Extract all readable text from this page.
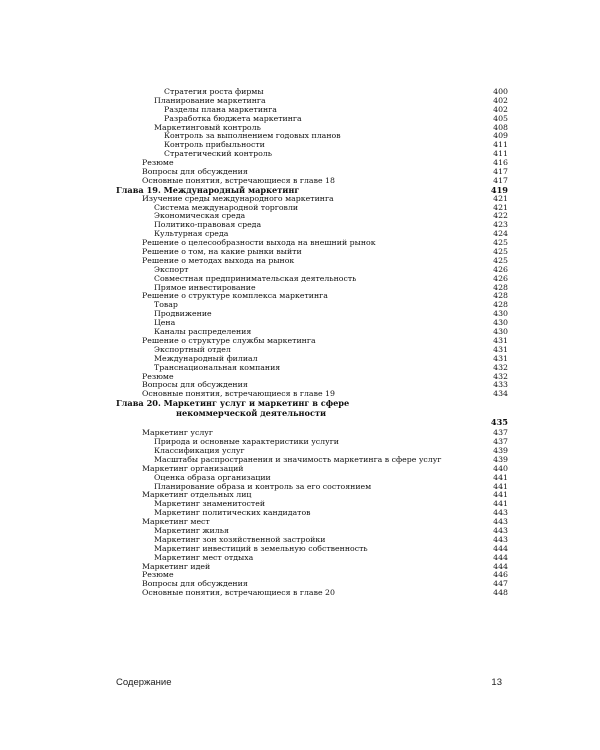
Стратегия роста фирмы	400
Планирование маркетинга	402
Разделы плана маркетинга	402
Разработка бюджета маркетинга	405
Маркетинговый контроль	408
Контроль за выполнением годовых планов	409
Контроль прибыльности	411
Стратегический контроль	411
Резюме	416
Вопросы для обсуждения	417
Основные понятия, встречающиеся в главе 18	417
Глава 19. Международный маркетинг	419
Изучение среды международного маркетинга	421
Система международной торговли	421
Экономическая среда	422
Политико-правовая среда	423
Культурная среда	424
Решение о целесообразности выхода на внешний рынок	425
Решение о том, на какие рынки выйти	425
Решение о методах выхода на рынок	425
Экспорт	426
Совместная предпринимательская деятельность	426
Прямое инвестирование	428
Решение о структуре комплекса маркетинга	428
Товар	428
Продвижение	430
Цена	430
Каналы распределения	430
Решение о структуре службы маркетинга	431
Экспортный отдел	431
Международный филиал	431
Транснациональная компания	432
Резюме	432
Вопросы для обсуждения	433
Основные понятия, встречающиеся в главе 19	434
Глава 20. Маркетинг услуг и маркетинг в сфере
некоммерческой деятельности
435
Маркетинг услуг	437
Природа и основные характеристики услуги	437
Классификация услуг	439
Масштабы распространения и значимость маркетинга в сфере услуг	439
Маркетинг организаций	440
Оценка образа организации	441
Планирование образа и контроль за его состоянием	441
Маркетинг отдельных лиц	441
Маркетинг знаменитостей	441
Маркетинг политических кандидатов	443
Маркетинг мест	443
Маркетинг жилья	443
Маркетинг зон хозяйственной застройки	443
Маркетинг инвестиций в земельную собственность	444
Маркетинг мест отдыха	444
Маркетинг идей	444
Резюме	446
Вопросы для обсуждения	447
Основные понятия, встречающиеся в главе 20	448
Содержание	13
